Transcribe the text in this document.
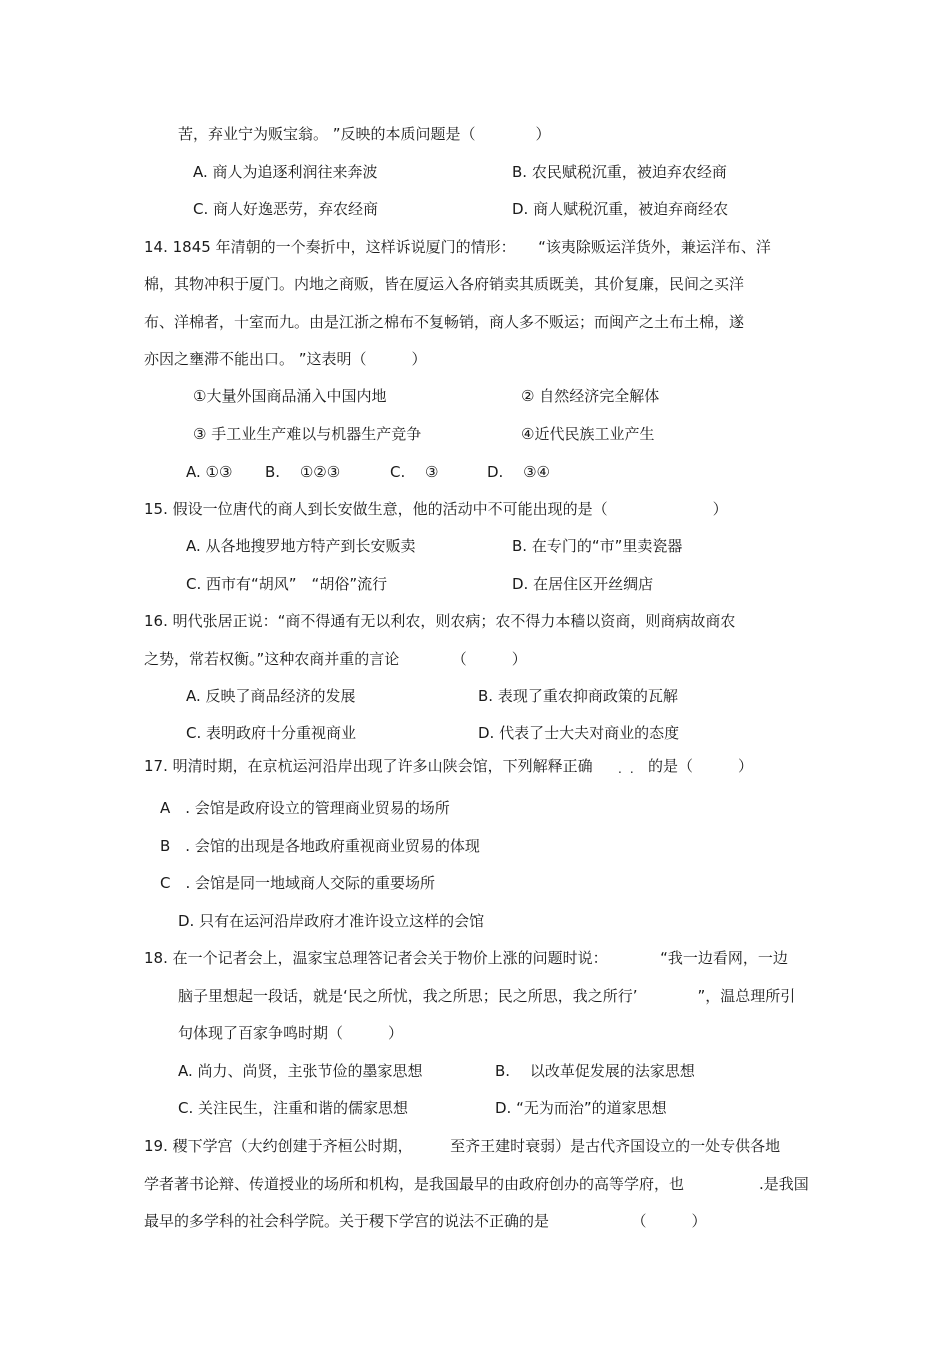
苦，弃业宁为贩宝翁。 ”反映的本质问题是（　　　　）
A. 商人为追逐利润往来奔波	B. 农民赋税沉重，被迫弃农经商
C. 商人好逸恶劳，弃农经商	D. 商人赋税沉重，被迫弃商经农
14. 1845 年清朝的一个奏折中，这样诉说厦门的情形：　　“该夷除贩运洋货外，兼运洋布、洋
棉，其物冲积于厦门。内地之商贩，皆在厦运入各府销卖其质既美，其价复廉，民间之买洋
布、洋棉者，十室而九。由是江浙之棉布不复畅销，商人多不贩运；而闽产之土布土棉，遂
亦因之壅滞不能出口。 ”这表明（　　　）
①大量外国商品涌入中国内地	② 自然经济完全解体
③ 手工业生产难以与机器生产竞争	④近代民族工业产生
A. ①③ B.　 ①②③	C.　 ③	D.　 ③④
15. 假设一位唐代的商人到长安做生意，他的活动中不可能出现的是（　　　　　　　）
A. 从各地搜罗地方特产到长安贩卖	B. 在专门的“市”里卖瓷器
C. 西市有“胡风”　“胡俗”流行	D. 在居住区开丝绸店
16. 明代张居正说：“商不得通有无以利农，则农病；农不得力本穑以资商，则商病故商农
之势，常若权衡。”这种农商并重的言论　　　　（　　　）
A. 反映了商品经济的发展	B. 表现了重农抑商政策的瓦解
C. 表明政府十分重视商业	D. 代表了士大夫对商业的态度
17. 明清时期，在京杭运河沿岸出现了许多山陕会馆，下列解释正确 .. 的是（　　　）
A　. 会馆是政府设立的管理商业贸易的场所
B　. 会馆的出现是各地政府重视商业贸易的体现
C　. 会馆是同一地域商人交际的重要场所
D. 只有在运河沿岸政府才准许设立这样的会馆
18. 在一个记者会上，温家宝总理答记者会关于物价上涨的问题时说：　　　　“我一边看网，一边
脑子里想起一段话，就是‘民之所忧，我之所思；民之所思，我之所行’　　　　”，温总理所引
句体现了百家争鸣时期（　　　）
A. 尚力、尚贤，主张节俭的墨家思想	B.　 以改革促发展的法家思想
C. 关注民生，注重和谐的儒家思想	D. “无为而治”的道家思想
19. 稷下学宫（大约创建于齐桓公时期，　　　至齐王建时衰弱）是古代齐国设立的一处专供各地
学者著书论辩、传道授业的场所和机构，是我国最早的由政府创办的高等学府，也　　　　　.是我国
最早的多学科的社会科学院。关于稷下学宫的说法不正确的是　　　　　　（　　　）
